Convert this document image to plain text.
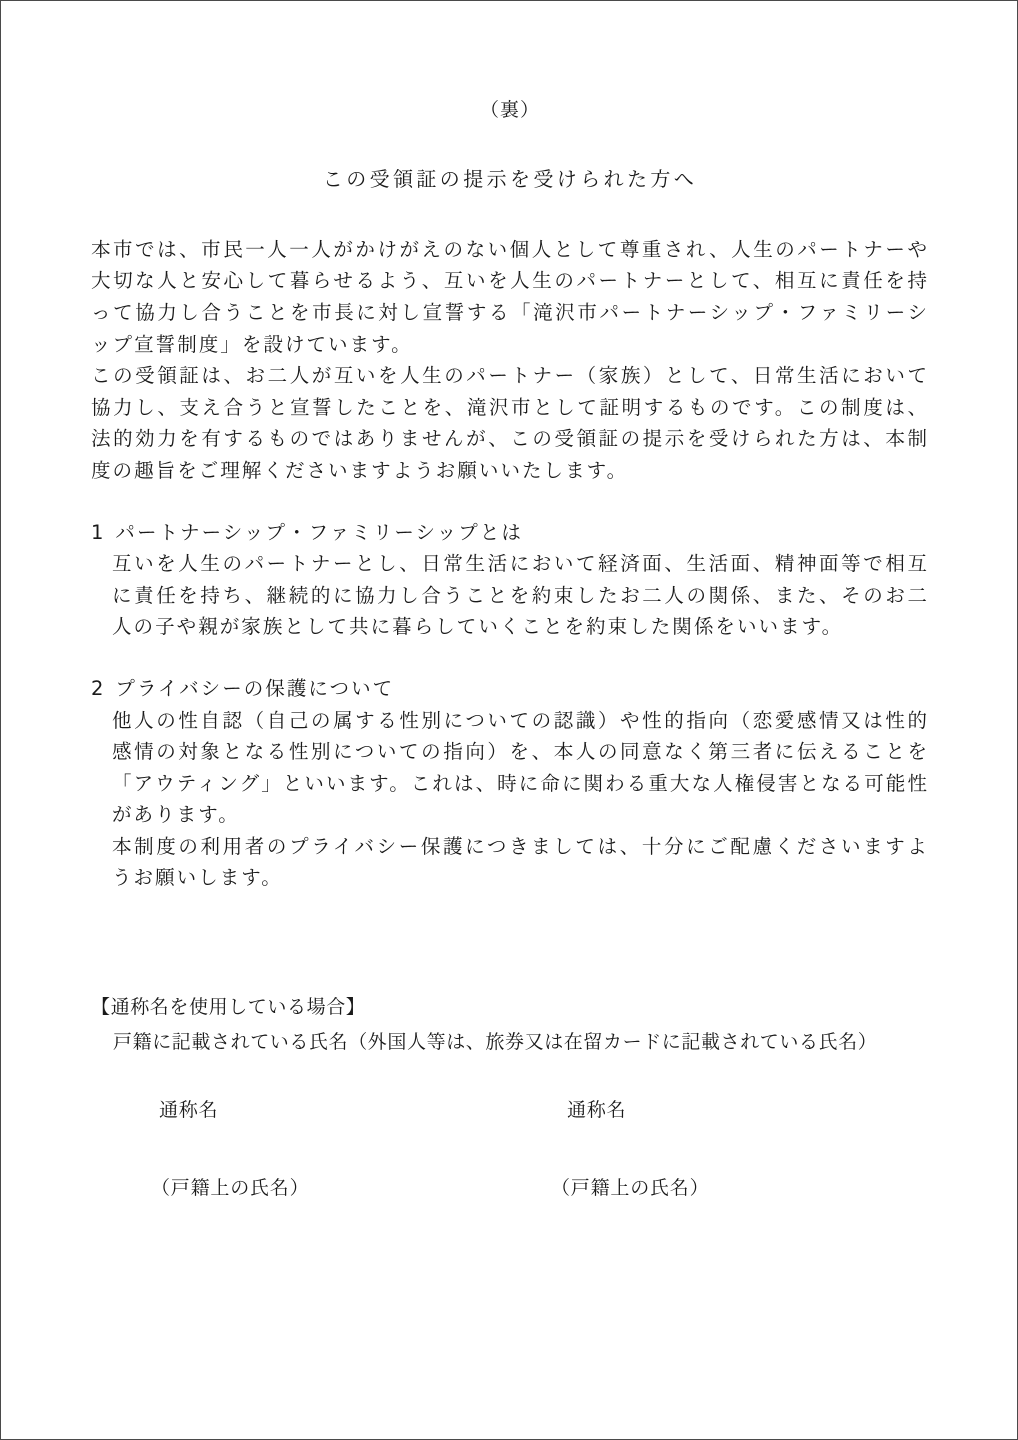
（裏）
この受領証の提示を受けられた方へ
本市では、市民一人一人がかけがえのない個人として尊重され、人生のパートナーや大切な人と安心して暮らせるよう、互いを人生のパートナーとして、相互に責任を持って協力し合うことを市長に対し宣誓する「滝沢市パートナーシップ・ファミリーシップ宣誓制度」を設けています。
この受領証は、お二人が互いを人生のパートナー（家族）として、日常生活において協力し、支え合うと宣誓したことを、滝沢市として証明するものです。この制度は、法的効力を有するものではありませんが、この受領証の提示を受けられた方は、本制度の趣旨をご理解くださいますようお願いいたします。
1 パートナーシップ・ファミリーシップとは
互いを人生のパートナーとし、日常生活において経済面、生活面、精神面等で相互に責任を持ち、継続的に協力し合うことを約束したお二人の関係、また、そのお二人の子や親が家族として共に暮らしていくことを約束した関係をいいます。
2 プライバシーの保護について
他人の性自認（自己の属する性別についての認識）や性的指向（恋愛感情又は性的感情の対象となる性別についての指向）を、本人の同意なく第三者に伝えることを「アウティング」といいます。これは、時に命に関わる重大な人権侵害となる可能性があります。
本制度の利用者のプライバシー保護につきましては、十分にご配慮くださいますようお願いします。
【通称名を使用している場合】
戸籍に記載されている氏名（外国人等は、旅券又は在留カードに記載されている氏名）
通称名	通称名
（戸籍上の氏名）	（戸籍上の氏名）
